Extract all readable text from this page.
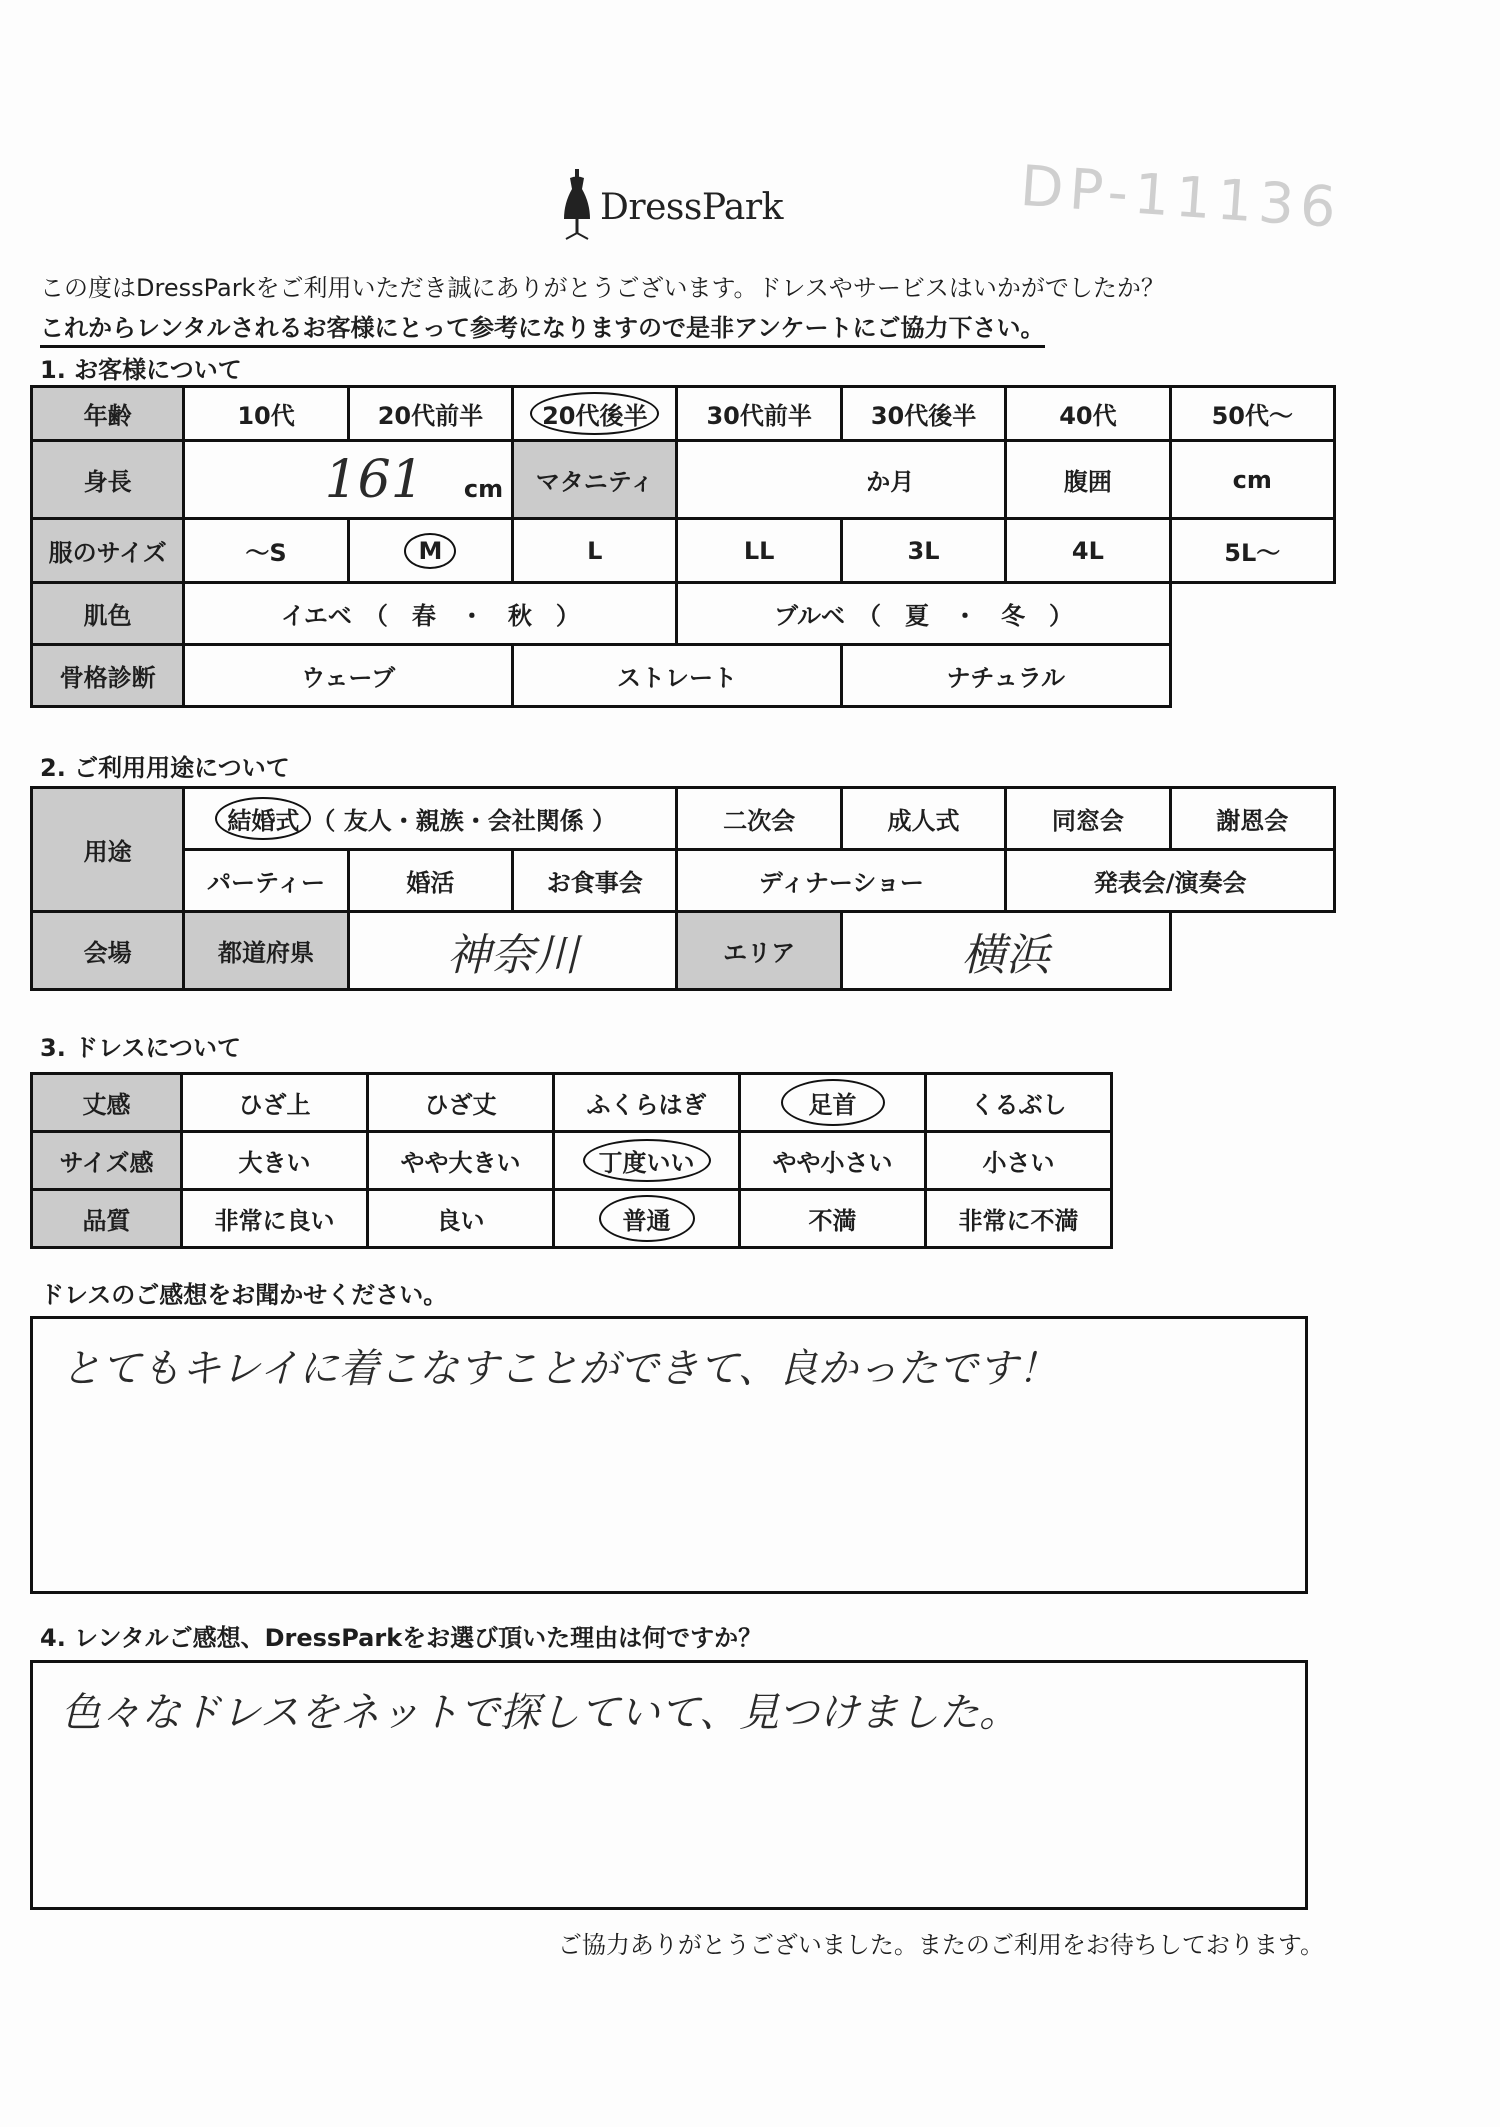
DressPark	DP-11136
この度はDressParkをご利用いただき誠にありがとうございます。ドレスやサービスはいかがでしたか？
これからレンタルされるお客様にとって参考になりますので是非アンケートにご協力下さい。
1. お客様について
年齢	10代	20代前半	20代後半	30代前半	30代後半	40代	50代〜
身長	161 cm		マタニティ	か月		腹囲	cm
服のサイズ	〜S	M	L	LL	3L	4L	5L〜
肌色	イエベ　（　春　・　秋　）			ブルベ　（　夏　・　冬　）			
骨格診断	ウェーブ		ストレート		ナチュラル		
2. ご利用用途について
用途	結婚式 （ 友人・親族・会社関係 ）			二次会	成人式	同窓会	謝恩会
	パーティー	婚活	お食事会	ディナーショー		発表会/演奏会	
会場	都道府県	神奈川		エリア	横浜		
3. ドレスについて
丈感	ひざ上	ひざ丈	ふくらはぎ	足首	くるぶし
サイズ感	大きい	やや大きい	丁度いい	やや小さい	小さい
品質	非常に良い	良い	普通	不満	非常に不満
ドレスのご感想をお聞かせください。
とてもキレイに着こなすことができて、良かったです！
4. レンタルご感想、DressParkをお選び頂いた理由は何ですか？
色々なドレスをネットで探していて、見つけました。
ご協力ありがとうございました。またのご利用をお待ちしております。
